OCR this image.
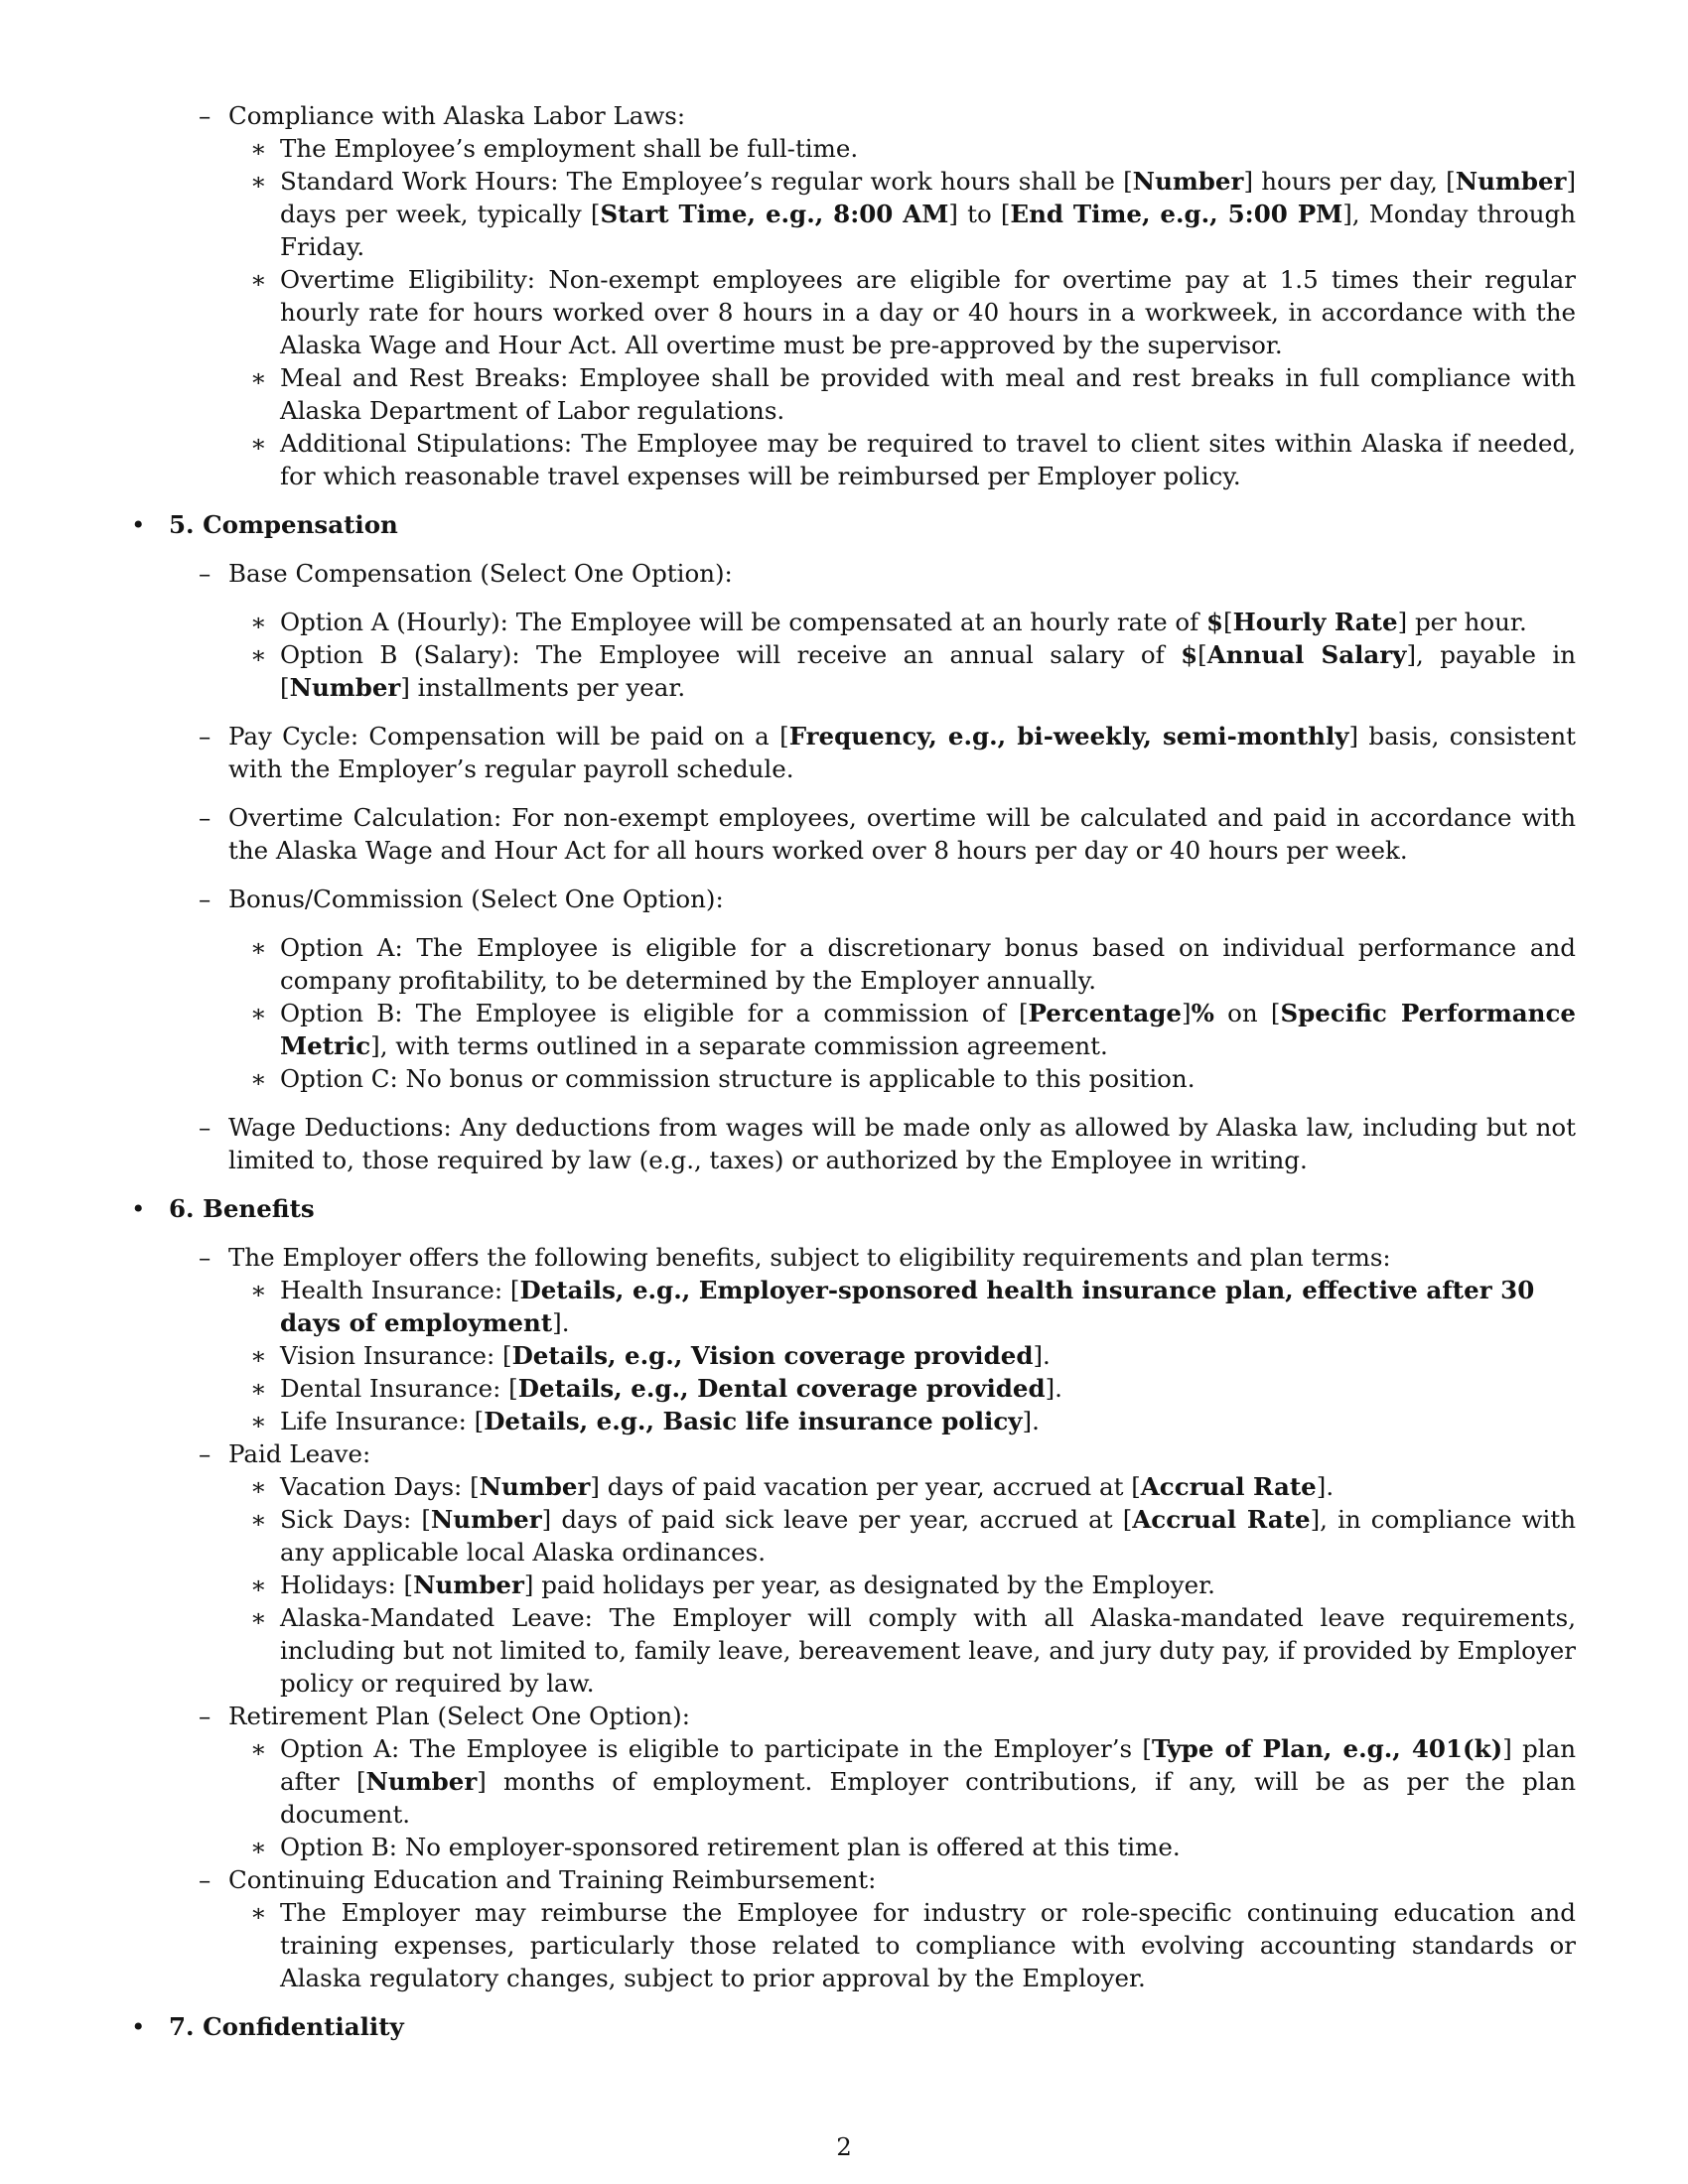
– Compliance with Alaska Labor Laws:
∗ The Employee’s employment shall be full-time.
∗ Standard Work Hours: The Employee’s regular work hours shall be [Number] hours per day, [Number] days per week, typically [Start Time, e.g., 8:00 AM] to [End Time, e.g., 5:00 PM], Monday through Friday.
∗ Overtime Eligibility: Non-exempt employees are eligible for overtime pay at 1.5 times their regular hourly rate for hours worked over 8 hours in a day or 40 hours in a workweek, in accordance with the Alaska Wage and Hour Act. All overtime must be pre-approved by the supervisor.
∗ Meal and Rest Breaks: Employee shall be provided with meal and rest breaks in full compliance with Alaska Department of Labor regulations.
∗ Additional Stipulations: The Employee may be required to travel to client sites within Alaska if needed, for which reasonable travel expenses will be reimbursed per Employer policy.
• 5. Compensation
– Base Compensation (Select One Option):
∗ Option A (Hourly): The Employee will be compensated at an hourly rate of $[Hourly Rate] per hour.
∗ Option B (Salary): The Employee will receive an annual salary of $[Annual Salary], payable in [Number] installments per year.
– Pay Cycle: Compensation will be paid on a [Frequency, e.g., bi-weekly, semi-monthly] basis, consistent with the Employer’s regular payroll schedule.
– Overtime Calculation: For non-exempt employees, overtime will be calculated and paid in accordance with the Alaska Wage and Hour Act for all hours worked over 8 hours per day or 40 hours per week.
– Bonus/Commission (Select One Option):
∗ Option A: The Employee is eligible for a discretionary bonus based on individual performance and company profitability, to be determined by the Employer annually.
∗ Option B: The Employee is eligible for a commission of [Percentage]% on [Specific Performance Metric], with terms outlined in a separate commission agreement.
∗ Option C: No bonus or commission structure is applicable to this position.
– Wage Deductions: Any deductions from wages will be made only as allowed by Alaska law, including but not limited to, those required by law (e.g., taxes) or authorized by the Employee in writing.
• 6. Benefits
– The Employer offers the following benefits, subject to eligibility requirements and plan terms:
∗ Health Insurance: [Details, e.g., Employer-sponsored health insurance plan, effective after 30 days of employment].
∗ Vision Insurance: [Details, e.g., Vision coverage provided].
∗ Dental Insurance: [Details, e.g., Dental coverage provided].
∗ Life Insurance: [Details, e.g., Basic life insurance policy].
– Paid Leave:
∗ Vacation Days: [Number] days of paid vacation per year, accrued at [Accrual Rate].
∗ Sick Days: [Number] days of paid sick leave per year, accrued at [Accrual Rate], in compliance with any applicable local Alaska ordinances.
∗ Holidays: [Number] paid holidays per year, as designated by the Employer.
∗ Alaska-Mandated Leave: The Employer will comply with all Alaska-mandated leave requirements, including but not limited to, family leave, bereavement leave, and jury duty pay, if provided by Employer policy or required by law.
– Retirement Plan (Select One Option):
∗ Option A: The Employee is eligible to participate in the Employer’s [Type of Plan, e.g., 401(k)] plan after [Number] months of employment. Employer contributions, if any, will be as per the plan document.
∗ Option B: No employer-sponsored retirement plan is offered at this time.
– Continuing Education and Training Reimbursement:
∗ The Employer may reimburse the Employee for industry or role-specific continuing education and training expenses, particularly those related to compliance with evolving accounting standards or Alaska regulatory changes, subject to prior approval by the Employer.
• 7. Confidentiality
2
